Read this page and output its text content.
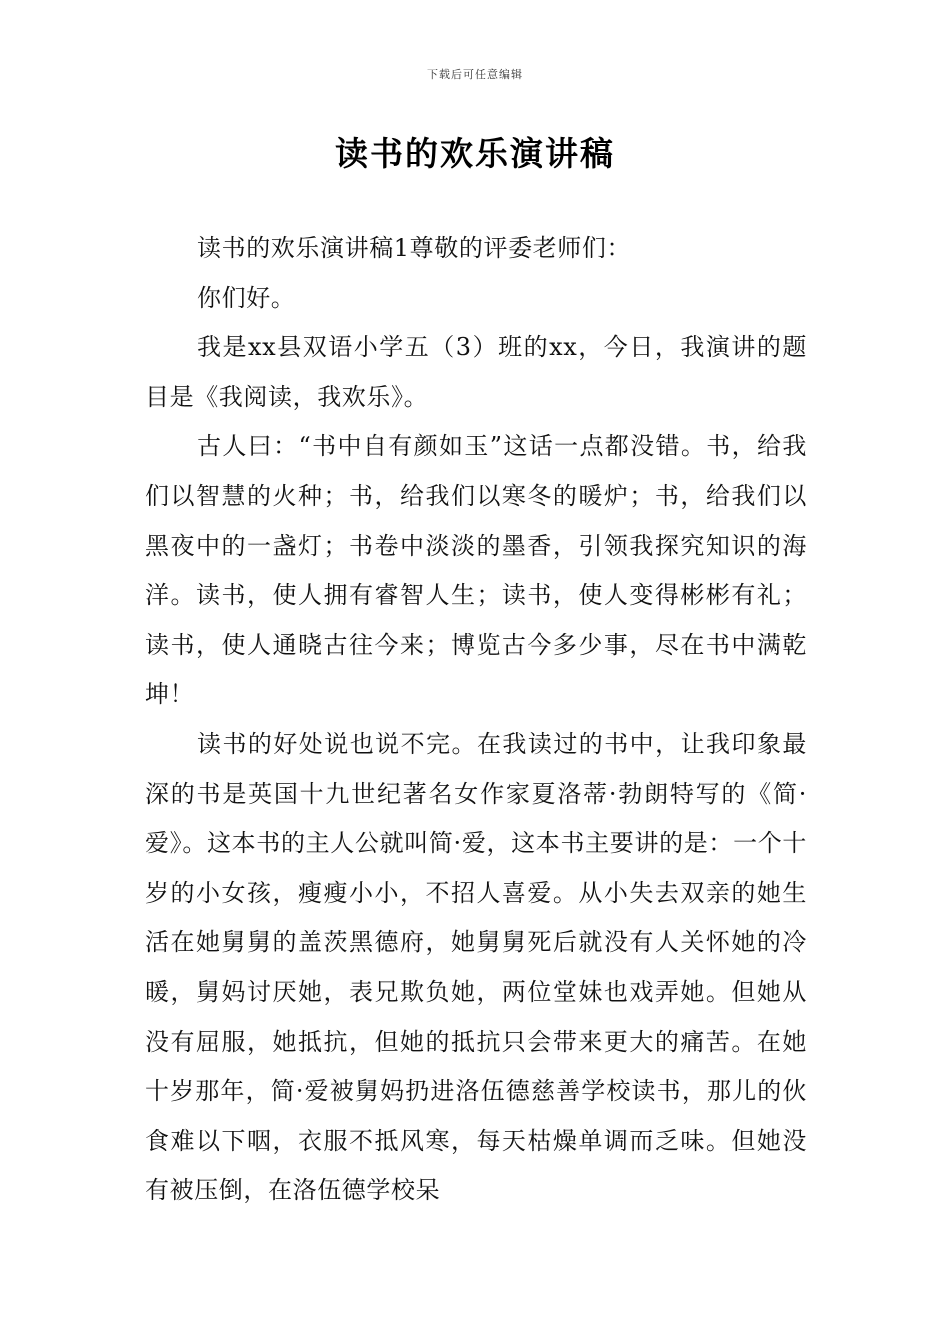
下载后可任意编辑
读书的欢乐演讲稿

读书的欢乐演讲稿1尊敬的评委老师们：

你们好。

我是xx县双语小学五（3）班的xx，今日，我演讲的题目是《我阅读，我欢乐》。

古人曰：“书中自有颜如玉”这话一点都没错。书，给我们以智慧的火种；书，给我们以寒冬的暖炉；书，给我们以黑夜中的一盏灯；书卷中淡淡的墨香，引领我探究知识的海洋。读书，使人拥有睿智人生；读书，使人变得彬彬有礼；读书，使人通晓古往今来；博览古今多少事，尽在书中满乾坤！

读书的好处说也说不完。在我读过的书中，让我印象最深的书是英国十九世纪著名女作家夏洛蒂·勃朗特写的《简·爱》。这本书的主人公就叫简·爱，这本书主要讲的是：一个十岁的小女孩，瘦瘦小小，不招人喜爱。从小失去双亲的她生活在她舅舅的盖茨黑德府，她舅舅死后就没有人关怀她的冷暖，舅妈讨厌她，表兄欺负她，两位堂妹也戏弄她。但她从没有屈服，她抵抗，但她的抵抗只会带来更大的痛苦。在她十岁那年，简·爱被舅妈扔进洛伍德慈善学校读书，那儿的伙食难以下咽，衣服不抵风寒，每天枯燥单调而乏味。但她没有被压倒，在洛伍德学校呆
